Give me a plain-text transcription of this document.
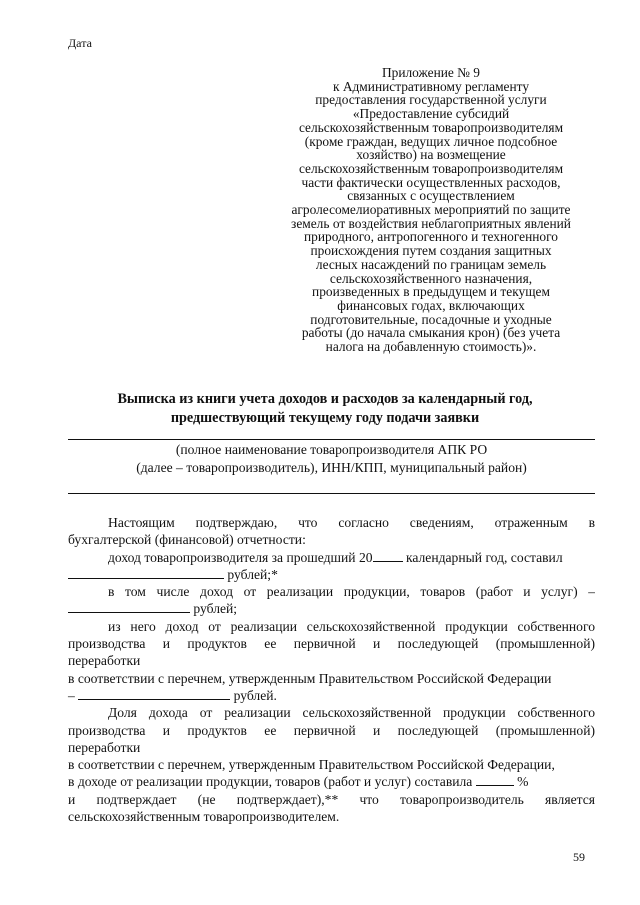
Дата
Приложение № 9
к Административному регламенту
предоставления государственной услуги
«Предоставление субсидий
сельскохозяйственным товаропроизводителям
(кроме граждан, ведущих личное подсобное
хозяйство) на возмещение
сельскохозяйственным товаропроизводителям
части фактически осуществленных расходов,
связанных с осуществлением
агролесомелиоративных мероприятий по защите
земель от воздействия неблагоприятных явлений
природного, антропогенного и техногенного
происхождения путем создания защитных
лесных насаждений по границам земель
сельскохозяйственного назначения,
произведенных в предыдущем и текущем
финансовых годах, включающих
подготовительные, посадочные и уходные
работы (до начала смыкания крон) (без учета
налога на добавленную стоимость)».
Выписка из книги учета доходов и расходов за календарный год,
предшествующий текущему году подачи заявки
(полное наименование товаропроизводителя АПК РО
(далее – товаропроизводитель), ИНН/КПП, муниципальный район)
Настоящим подтверждаю, что согласно сведениям, отраженным в
бухгалтерской (финансовой) отчетности:
доход товаропроизводителя за прошедший 20 календарный год, составил
рублей;*
в том числе доход от реализации продукции, товаров (работ и услуг) –
рублей;
из него доход от реализации сельскохозяйственной продукции собственного
производства и продуктов ее первичной и последующей (промышленной)
переработки
в соответствии с перечнем, утвержденным Правительством Российской Федерации
–	рублей.
Доля дохода от реализации сельскохозяйственной продукции собственного
производства и продуктов ее первичной и последующей (промышленной)
переработки
в соответствии с перечнем, утвержденным Правительством Российской Федерации,
в доходе от реализации продукции, товаров (работ и услуг) составила	%
и подтверждает (не подтверждает),** что товаропроизводитель является
сельскохозяйственным товаропроизводителем.
59
